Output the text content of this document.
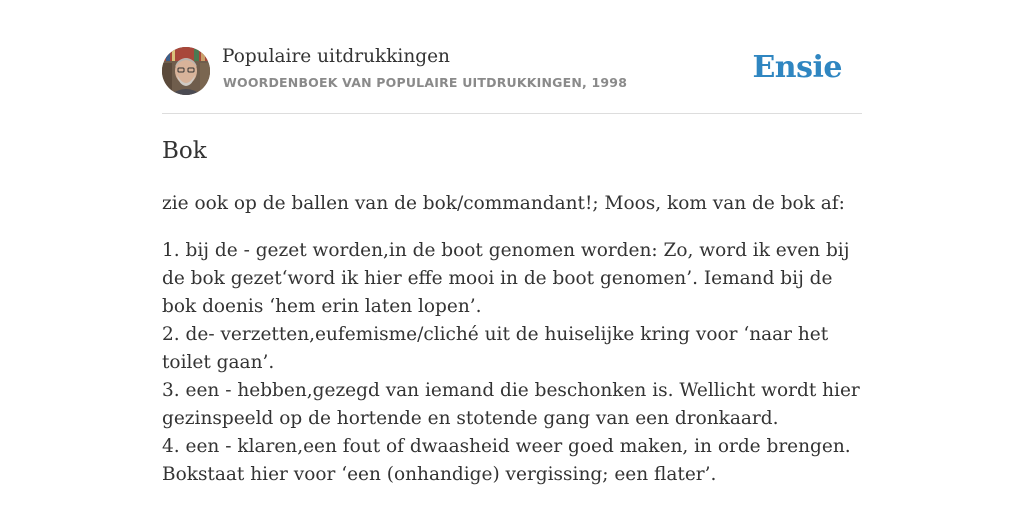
Populaire uitdrukkingen
WOORDENBOEK VAN POPULAIRE UITDRUKKINGEN, 1998	Ensie
Bok
zie ook op de ballen van de bok/commandant!; Moos, kom van de bok af:

1. bij de - gezet worden,in de boot genomen worden: Zo, word ik even bij de bok gezet‘word ik hier effe mooi in de boot genomen’. Iemand bij de bok doenis ‘hem erin laten lopen’.

2. de- verzetten,eufemisme/cliché uit de huiselijke kring voor ‘naar het toilet gaan’.

3. een - hebben,gezegd van iemand die beschonken is. Wellicht wordt hier gezinspeeld op de hortende en stotende gang van een dronkaard.

4. een - klaren,een fout of dwaasheid weer goed maken, in orde brengen. Bokstaat hier voor ‘een (onhandige) vergissing; een flater’.
